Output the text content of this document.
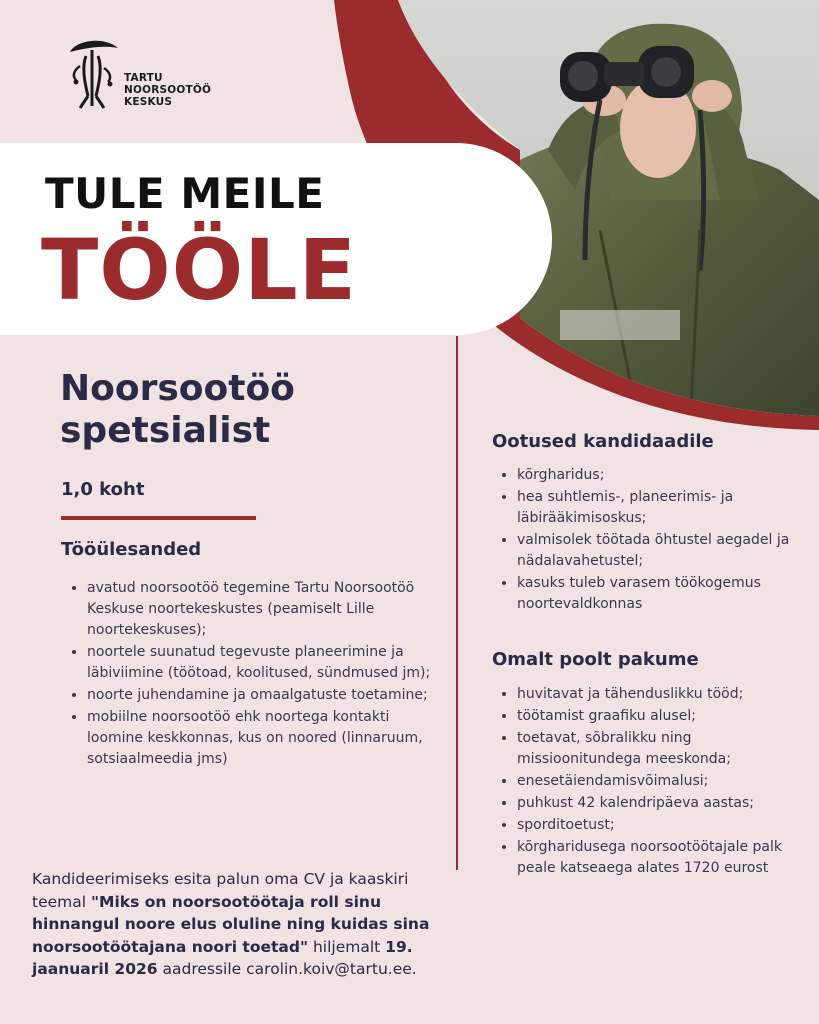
TARTU
NOORSOOTÖÖ
KESKUS
TULE MEILE
TÖÖLE
Noorsootöö
spetsialist
1,0 koht
Tööülesanded
• avatud noorsootöö tegemine Tartu Noorsootöö Keskuse noortekeskustes (peamiselt Lille noortekeskuses);
• noortele suunatud tegevuste planeerimine ja läbiviimine (töötoad, koolitused, sündmused jm);
• noorte juhendamine ja omaalgatuste toetamine;
• mobiilne noorsootöö ehk noortega kontakti loomine keskkonnas, kus on noored (linnaruum, sotsiaalmeedia jms)

Kandideerimiseks esita palun oma CV ja kaaskiri teemal "Miks on noorsootöötaja roll sinu hinnangul noore elus oluline ning kuidas sina noorsootöötajana noori toetad" hiljemalt 19. jaanuaril 2026 aadressile carolin.koiv@tartu.ee.

Ootused kandidaadile
• kõrgharidus;
• hea suhtlemis-, planeerimis- ja läbirääkimisoskus;
• valmisolek töötada õhtustel aegadel ja nädalavahetustel;
• kasuks tuleb varasem töökogemus noortevaldkonnas
Omalt poolt pakume
• huvitavat ja tähenduslikku tööd;
• töötamist graafiku alusel;
• toetavat, sõbralikku ning missioonitundega meeskonda;
• enesetäiendamisvõimalusi;
• puhkust 42 kalendripäeva aastas;
• sporditoetust;
• kõrgharidusega noorsootöötajale palk peale katseaega alates 1720 eurost
